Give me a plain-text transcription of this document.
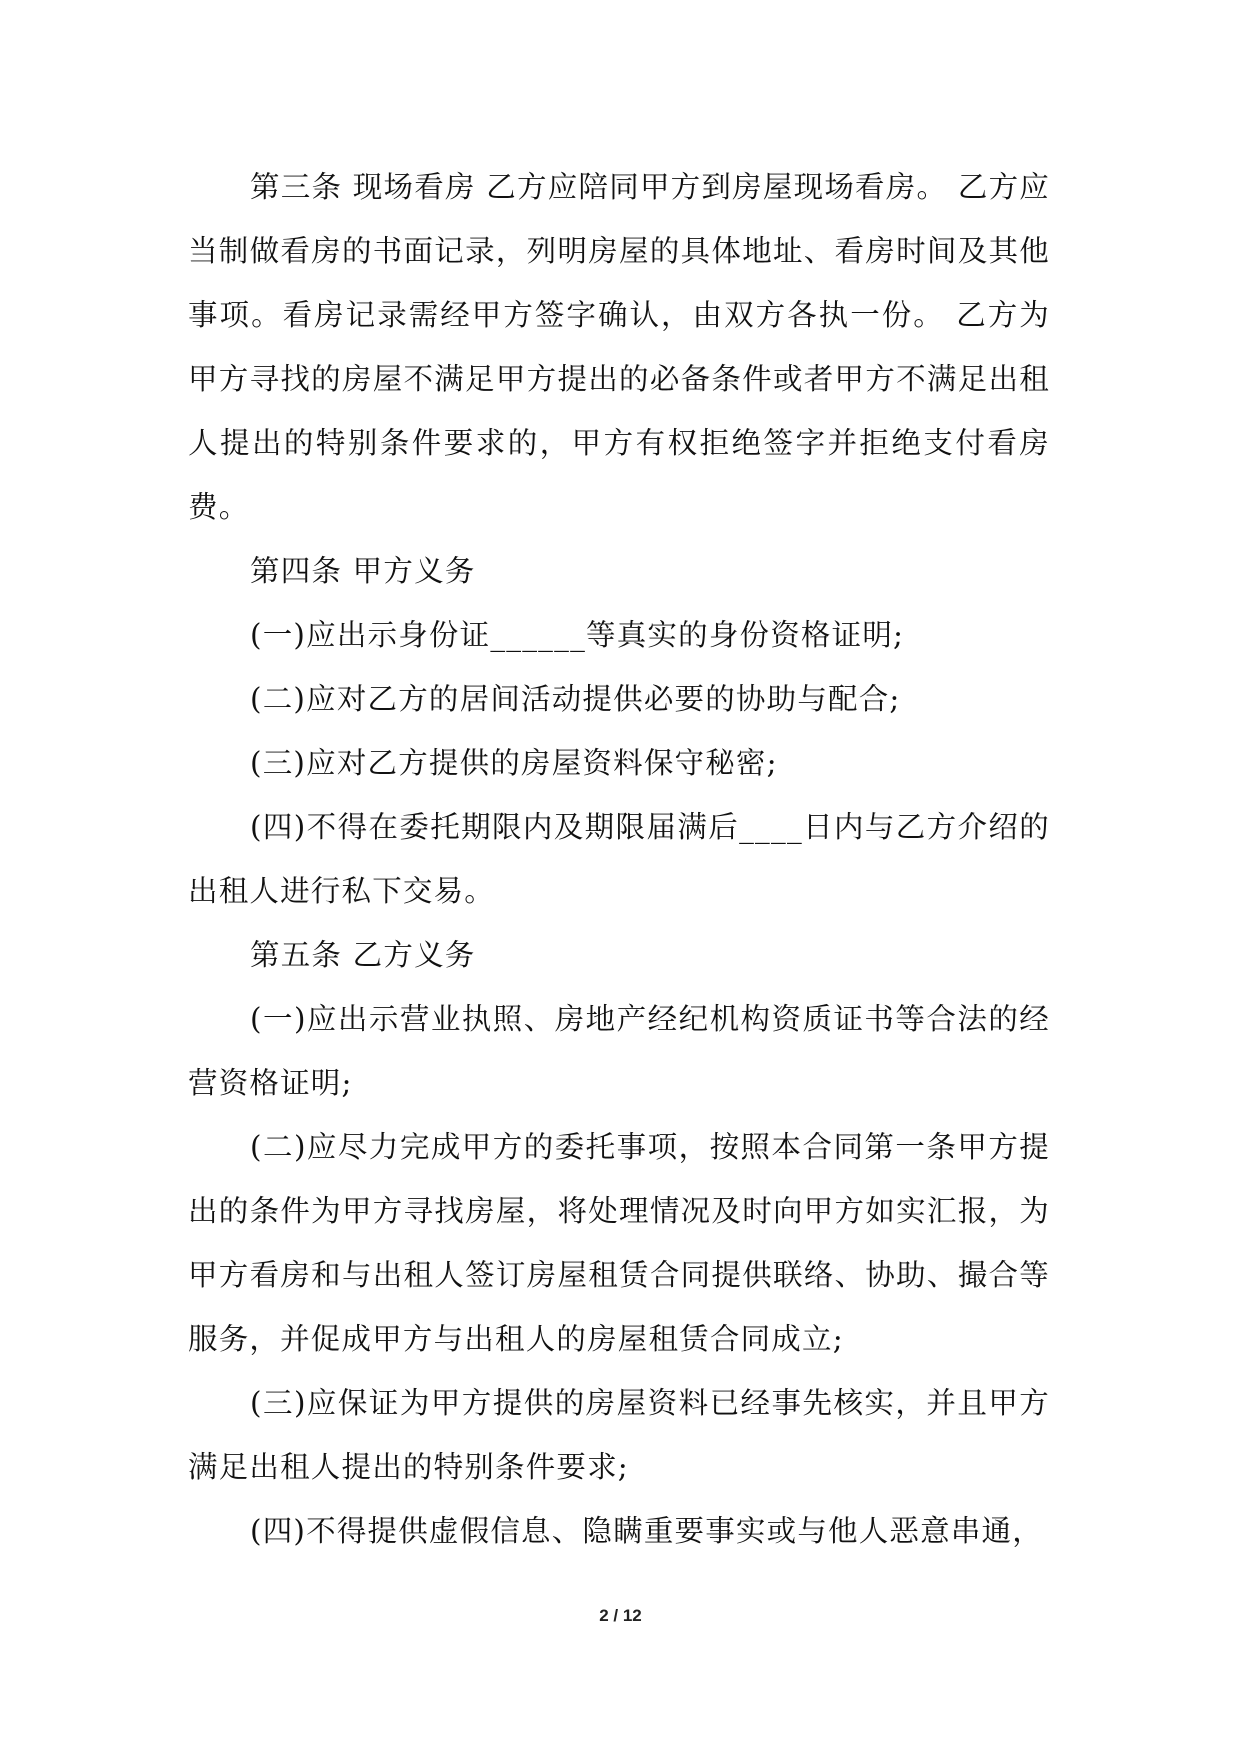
第三条 现场看房 乙方应陪同甲方到房屋现场看房。 乙方应当制做看房的书面记录，列明房屋的具体地址、看房时间及其他事项。看房记录需经甲方签字确认，由双方各执一份。 乙方为甲方寻找的房屋不满足甲方提出的必备条件或者甲方不满足出租人提出的特别条件要求的，甲方有权拒绝签字并拒绝支付看房费。

第四条 甲方义务

(一)应出示身份证______等真实的身份资格证明;

(二)应对乙方的居间活动提供必要的协助与配合;

(三)应对乙方提供的房屋资料保守秘密;

(四)不得在委托期限内及期限届满后____日内与乙方介绍的出租人进行私下交易。

第五条 乙方义务

(一)应出示营业执照、房地产经纪机构资质证书等合法的经营资格证明;

(二)应尽力完成甲方的委托事项，按照本合同第一条甲方提出的条件为甲方寻找房屋，将处理情况及时向甲方如实汇报，为甲方看房和与出租人签订房屋租赁合同提供联络、协助、撮合等服务，并促成甲方与出租人的房屋租赁合同成立;

(三)应保证为甲方提供的房屋资料已经事先核实，并且甲方满足出租人提出的特别条件要求;

(四)不得提供虚假信息、隐瞒重要事实或与他人恶意串通，

2 / 12
